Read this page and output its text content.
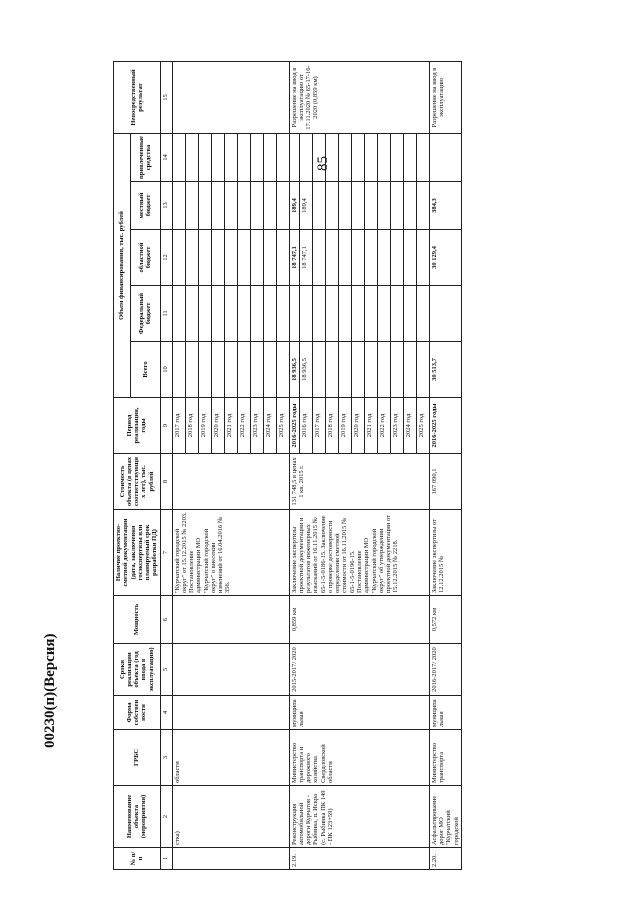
85
00230(п)(Версия)
№ п/п	Наименование объекта (мероприятия)	ГРБС	Форма собственности	Сроки реализации объекта (год ввода в эксплуатацию)	Мощность	Наличие проектно-сметной документации (дата, заключения госэкспертизы или планируемый срок разработки ПД)	Стоимость объекта (в ценах соответствующих лет), тыс. рублей	Период реализации, годы	Объем финансирования, тыс. рублей					Непосредственный результат
									Всего	Федеральный бюджет	областной бюджет	местный бюджет	привлеченные средства	
1	2	3	4	5	6	7	8	9	10	11	12	13	14	15
	стка)	области				"Курчатский городской округ" от 15.12.2015 № 2203. Постановление администрации МО "Курчатский городской округ" о внесении изменений от 16.04.2016 № 356.		2017 год						
								2018 год						
								2019 год						
								2020 год						
								2021 год						
								2022 год						
								2023 год						
								2024 год						
								2025 год						
2.19.	Реконструкция автомобильной дороги Курчатов - Рыбинка, п. Искра (с. Рыбинка ПК 149 - ПК 123+59)	Министерство транспорта и дорожного хозяйства Свердловской области	муниципальная	2015-2017/ 2020	0,859 км	Заключение экспертизы проектной документации и результатов инженерных изысканий от 16.11.2015 № 65-1-5-0186-15. Заключение о проверке достоверности определения сметной стоимости от 16.11.2015 № 65-1-5-0196-15. Постановление администрации МО "Курчатский городской округ" об утверждении проектной документации от 15.12.2015 № 2218.	131 748,5 в ценах 1 кв. 2015 г.	2016-2025 годы	18 936,5		18 747,1	189,4		Разрешение на ввод в эксплуатацию от 17.11.2020 № 65-17-16-2020 (0,859 км)
								2016 год	18 936,5		18 747,1	189,4		
								2017 год						
								2018 год						
								2019 год						
								2020 год						
								2021 год						
								2022 год						
								2023 год						
								2024 год						
								2025 год						
2.20.	Асфальтирование дорог МО "Курчатский городской	Министерство транспорта	муниципальная	2016-2017/ 2020	0,572 км	Заключение экспертизы от 12.12.2015 №	167 090,1	2016-2025 годы	30 513,7		30 129,4	384,3		Разрешение на ввод в эксплуатацию
